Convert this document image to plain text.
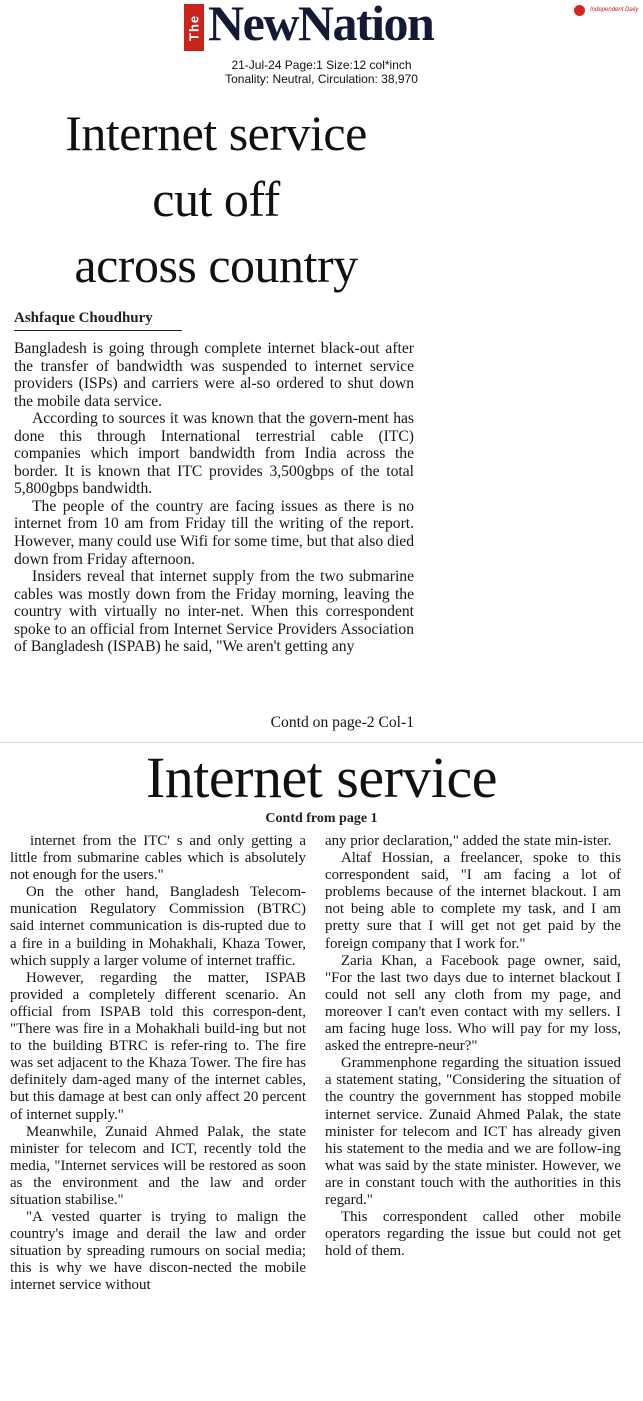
The NewNation	Independent Daily
21-Jul-24 Page:1 Size:12 col*inch
Tonality: Neutral, Circulation: 38,970
Internet service
cut off
across country
Ashfaque Choudhury

Bangladesh is going through complete internet black-out after the transfer of bandwidth was suspended to internet service providers (ISPs) and carriers were al-so ordered to shut down the mobile data service.

According to sources it was known that the govern-ment has done this through International terrestrial cable (ITC) companies which import bandwidth from India across the border. It is known that ITC provides 3,500gbps of the total 5,800gbps bandwidth.

The people of the country are facing issues as there is no internet from 10 am from Friday till the writing of the report. However, many could use Wifi for some time, but that also died down from Friday afternoon.

Insiders reveal that internet supply from the two submarine cables was mostly down from the Friday morning, leaving the country with virtually no inter-net. When this correspondent spoke to an official from Internet Service Providers Association of Bangladesh (ISPAB) he said, "We aren't getting any

Contd on page-2 Col-1
Internet service
Contd from page 1

internet from the ITC' s and only getting a little from submarine cables which is absolutely not enough for the users."

On the other hand, Bangladesh Telecom-munication Regulatory Commission (BTRC) said internet communication is dis-rupted due to a fire in a building in Mohakhali, Khaza Tower, which supply a larger volume of internet traffic.

However, regarding the matter, ISPAB provided a completely different scenario. An official from ISPAB told this correspon-dent, "There was fire in a Mohakhali build-ing but not to the building BTRC is refer-ring to. The fire was set adjacent to the Khaza Tower. The fire has definitely dam-aged many of the internet cables, but this damage at best can only affect 20 percent of internet supply."

Meanwhile, Zunaid Ahmed Palak, the state minister for telecom and ICT, recently told the media, "Internet services will be restored as soon as the environment and the law and order situation stabilise."

"A vested quarter is trying to malign the country's image and derail the law and order situation by spreading rumours on social media; this is why we have discon-nected the mobile internet service without

any prior declaration," added the state min-ister.

Altaf Hossian, a freelancer, spoke to this correspondent said, "I am facing a lot of problems because of the internet blackout. I am not being able to complete my task, and I am pretty sure that I will get not get paid by the foreign company that I work for."

Zaria Khan, a Facebook page owner, said, "For the last two days due to internet blackout I could not sell any cloth from my page, and moreover I can't even contact with my sellers. I am facing huge loss. Who will pay for my loss, asked the entrepre-neur?"

Grammenphone regarding the situation issued a statement stating, "Considering the situation of the country the government has stopped mobile internet service. Zunaid Ahmed Palak, the state minister for telecom and ICT has already given his statement to the media and we are follow-ing what was said by the state minister. However, we are in constant touch with the authorities in this regard."

This correspondent called other mobile operators regarding the issue but could not get hold of them.
